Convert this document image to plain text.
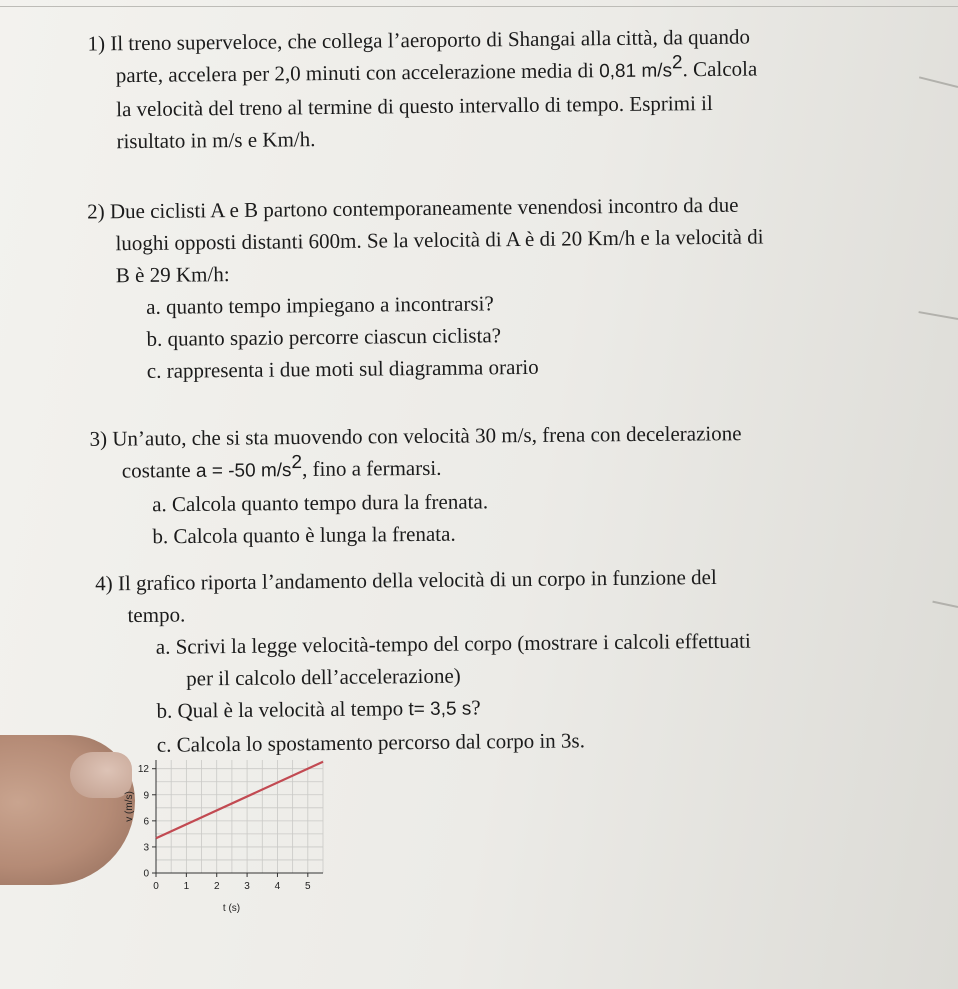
1) Il treno superveloce, che collega l’aeroporto di Shangai alla città, da quando

parte, accelera per 2,0 minuti con accelerazione media di 0,81 $m/s^2$. Calcola

la velocità del treno al termine di questo intervallo di tempo. Esprimi il

risultato in m/s e Km/h.

2) Due ciclisti A e B partono contemporaneamente venendosi incontro da due

luoghi opposti distanti 600m. Se la velocità di A è di 20 Km/h e la velocità di

B è 29 Km/h:

a. quanto tempo impiegano a incontrarsi?

b. quanto spazio percorre ciascun ciclista?

c. rappresenta i due moti sul diagramma orario

3) Un’auto, che si sta muovendo con velocità 30 m/s, frena con decelerazione

costante a = -50 $m/s^2$, fino a fermarsi.

a. Calcola quanto tempo dura la frenata.

b. Calcola quanto è lunga la frenata.

4) Il grafico riporta l’andamento della velocità di un corpo in funzione del

tempo.

a. Scrivi la legge velocità-tempo del corpo (mostrare i calcoli effettuati

per il calcolo dell’accelerazione)

b. Qual è la velocità al tempo t= 3,5 s?

c. Calcola lo spostamento percorso dal corpo in 3s.

0 1 2 3 4 5
0
3
6
9
12
t (s)
v (m/s)
